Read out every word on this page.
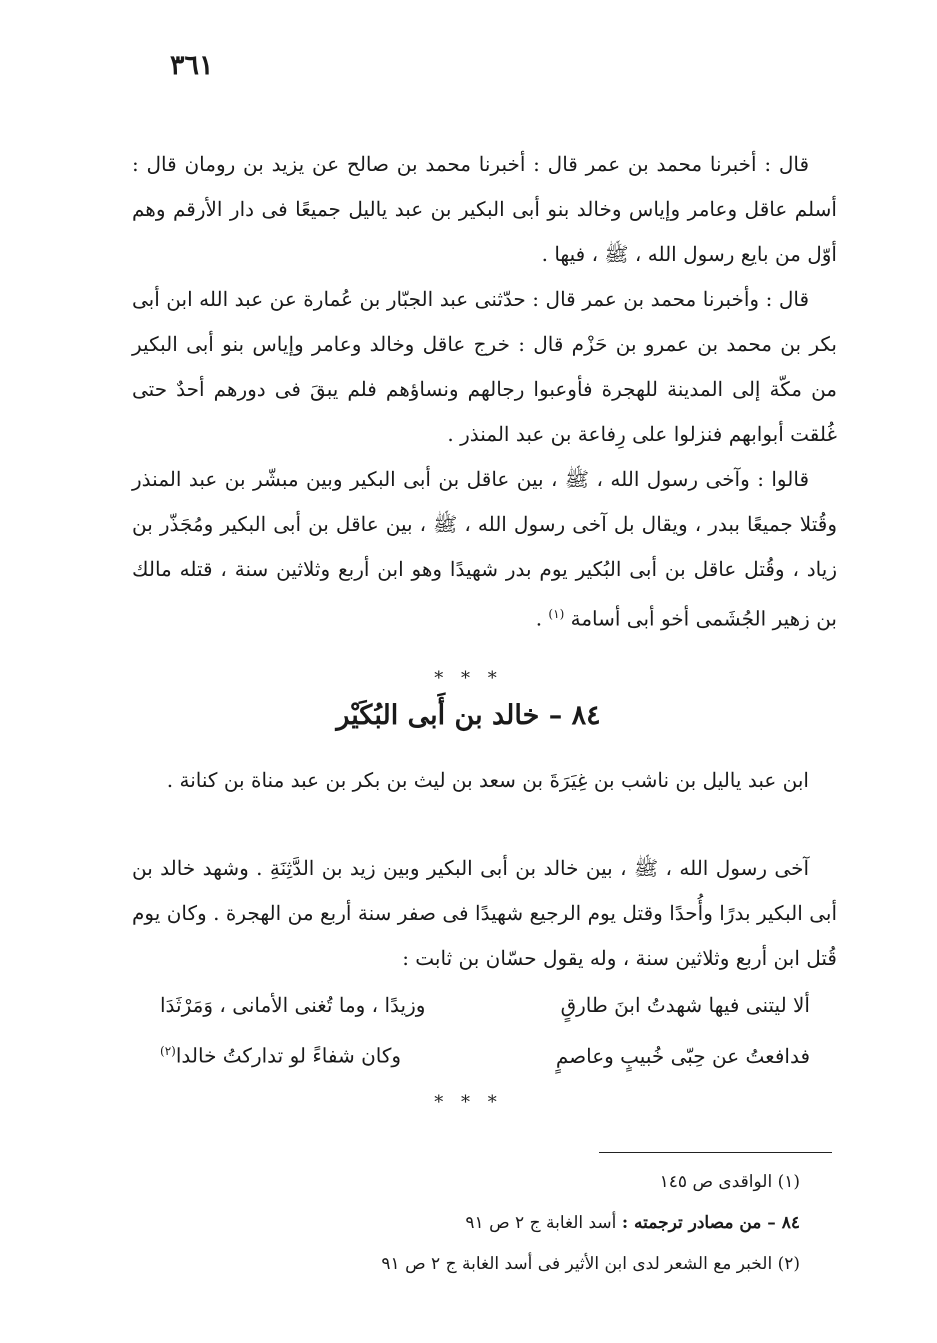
٣٦١

قال : أخبرنا محمد بن عمر قال : أخبرنا محمد بن صالح عن يزيد بن رومان قال : أسلم عاقل وعامر وإياس وخالد بنو أبى البكير بن عبد ياليل جميعًا فى دار الأرقم وهم أوّل من بايع رسول الله ، ﷺ ، فيها .

قال : وأخبرنا محمد بن عمر قال : حدّثنى عبد الجبّار بن عُمارة عن عبد الله ابن أبى بكر بن محمد بن عمرو بن حَزْم قال : خرج عاقل وخالد وعامر وإياس بنو أبى البكير من مكّة إلى المدينة للهجرة فأوعبوا رجالهم ونساؤهم فلم يبقَ فى دورهم أحدٌ حتى غُلقت أبوابهم فنزلوا على رِفاعة بن عبد المنذر .

قالوا : وآخى رسول الله ، ﷺ ، بين عاقل بن أبى البكير وبين مبشّر بن عبد المنذر وقُتلا جميعًا ببدر ، ويقال بل آخى رسول الله ، ﷺ ، بين عاقل بن أبى البكير ومُجَذّر بن زياد ، وقُتل عاقل بن أبى البُكير يوم بدر شهيدًا وهو ابن أربع وثلاثين سنة ، قتله مالك بن زهير الجُشَمى أخو أبى أسامة $^{(١)}$ .

* * *
٨٤ – خالد بن أَبى البُكَيْر

ابن عبد ياليل بن ناشب بن غِيَرَةَ بن سعد بن ليث بن بكر بن عبد مناة بن كنانة .

آخى رسول الله ، ﷺ ، بين خالد بن أبى البكير وبين زيد بن الدَّثِنَةِ . وشهد خالد بن أبى البكير بدرًا وأُحدًا وقتل يوم الرجيع شهيدًا فى صفر سنة أربع من الهجرة . وكان يوم قُتل ابن أربع وثلاثين سنة ، وله يقول حسّان بن ثابت :

ألا ليتنى فيها شهدتُ ابنَ طارقٍوزيدًا ، وما تُغنى الأمانى ، وَمَرْثَدَا
فدافعتُ عن حِبّى خُبيبٍ وعاصمٍوكان شفاءً لو تداركتُ خالدا$^{(٢)}$
* * *

(١) الواقدى ص ١٤٥

٨٤ – من مصادر ترجمته : أسد الغابة ج ٢ ص ٩١

(٢) الخبر مع الشعر لدى ابن الأثير فى أسد الغابة ج ٢ ص ٩١
